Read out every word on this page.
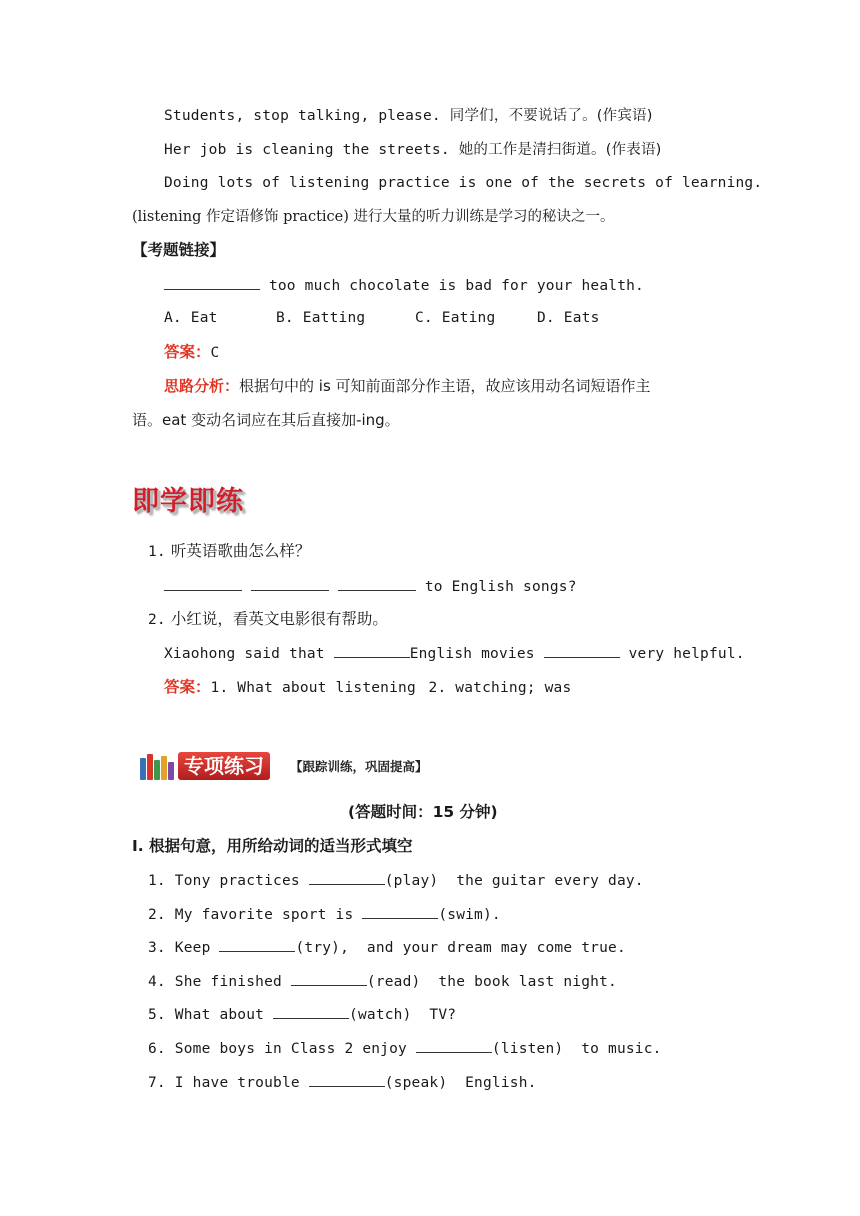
Students, stop talking, please. 同学们，不要说话了。(作宾语)
Her job is cleaning the streets. 她的工作是清扫街道。(作表语)
Doing lots of listening practice is one of the secrets of learning.
(listening 作定语修饰 practice) 进行大量的听力训练是学习的秘诀之一。
【考题链接】
too much chocolate is bad for your health.
A. Eat	B. Eatting	C. Eating	D. Eats
答案：C
思路分析：根据句中的 is 可知前面部分作主语，故应该用动名词短语作主
语。eat 变动名词应在其后直接加-ing。
即学即练
1. 听英语歌曲怎么样？
to English songs?
2. 小红说，看英文电影很有帮助。
Xiaohong said that	English movies	very helpful.
答案：1. What about listening 2. watching; was
专项练习	【跟踪训练，巩固提高】
(答题时间：15 分钟)
Ⅰ. 根据句意，用所给动词的适当形式填空
1. Tony practices	(play)  the guitar every day.
2. My favorite sport is	(swim).
3. Keep	(try),  and your dream may come true.
4. She finished	(read)  the book last night.
5. What about	(watch)  TV?
6. Some boys in Class 2 enjoy	(listen)  to music.
7. I have trouble	(speak)  English.
